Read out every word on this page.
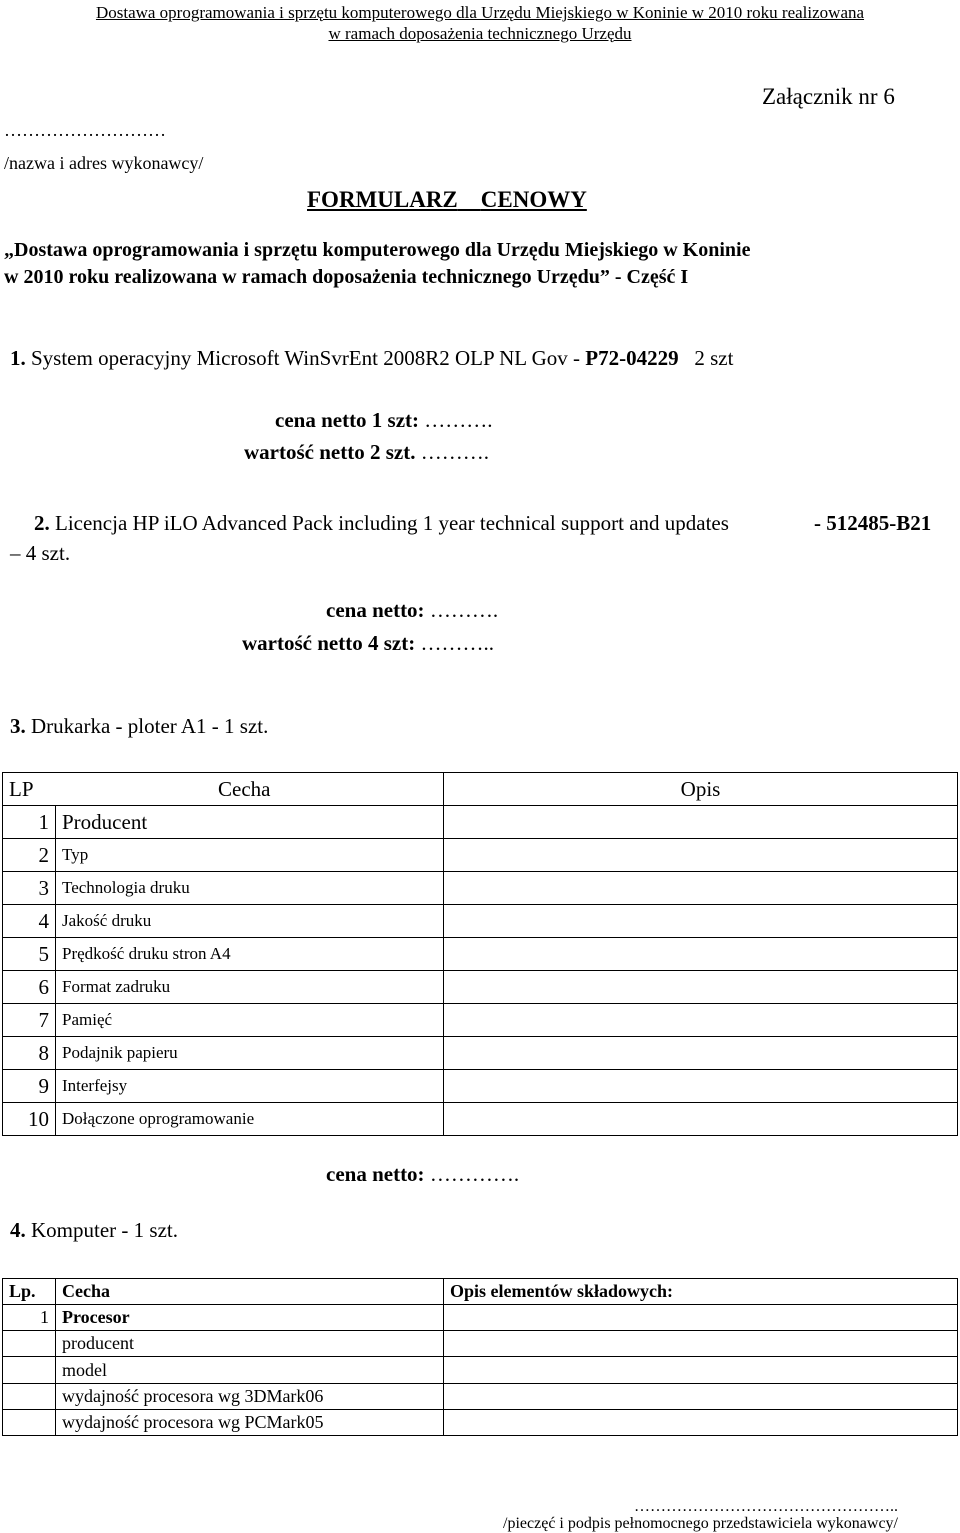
Dostawa oprogramowania i sprzętu komputerowego dla Urzędu Miejskiego w Koninie w 2010 roku realizowana
w ramach doposażenia technicznego Urzędu
Załącznik nr 6
………………………
/nazwa i adres wykonawcy/
FORMULARZ CENOWY
„Dostawa oprogramowania i sprzętu komputerowego dla Urzędu Miejskiego w Koninie
w 2010 roku realizowana w ramach doposażenia technicznego Urzędu” - Część I
1. System operacyjny Microsoft WinSvrEnt 2008R2 OLP NL Gov - P72-04229 2 szt
cena netto 1 szt: ……….
wartość netto 2 szt. ……….
2. Licencja HP iLO Advanced Pack including 1 year technical support and updates	- 512485-B21
– 4 szt.
cena netto: ……….
wartość netto 4 szt: ………..
3. Drukarka - ploter A1 - 1 szt.
LP Cecha		Opis
1	Producent	
2	Typ	
3	Technologia druku	
4	Jakość druku	
5	Prędkość druku stron A4	
6	Format zadruku	
7	Pamięć	
8	Podajnik papieru	
9	Interfejsy	
10	Dołączone oprogramowanie	
cena netto: ………….
4. Komputer - 1 szt.
Lp.	Cecha	Opis elementów składowych:
1	Procesor	
	producent	
	model	
	wydajność procesora wg 3DMark06	
	wydajność procesora wg PCMark05	
…………………………………………..
/pieczęć i podpis pełnomocnego przedstawiciela wykonawcy/
